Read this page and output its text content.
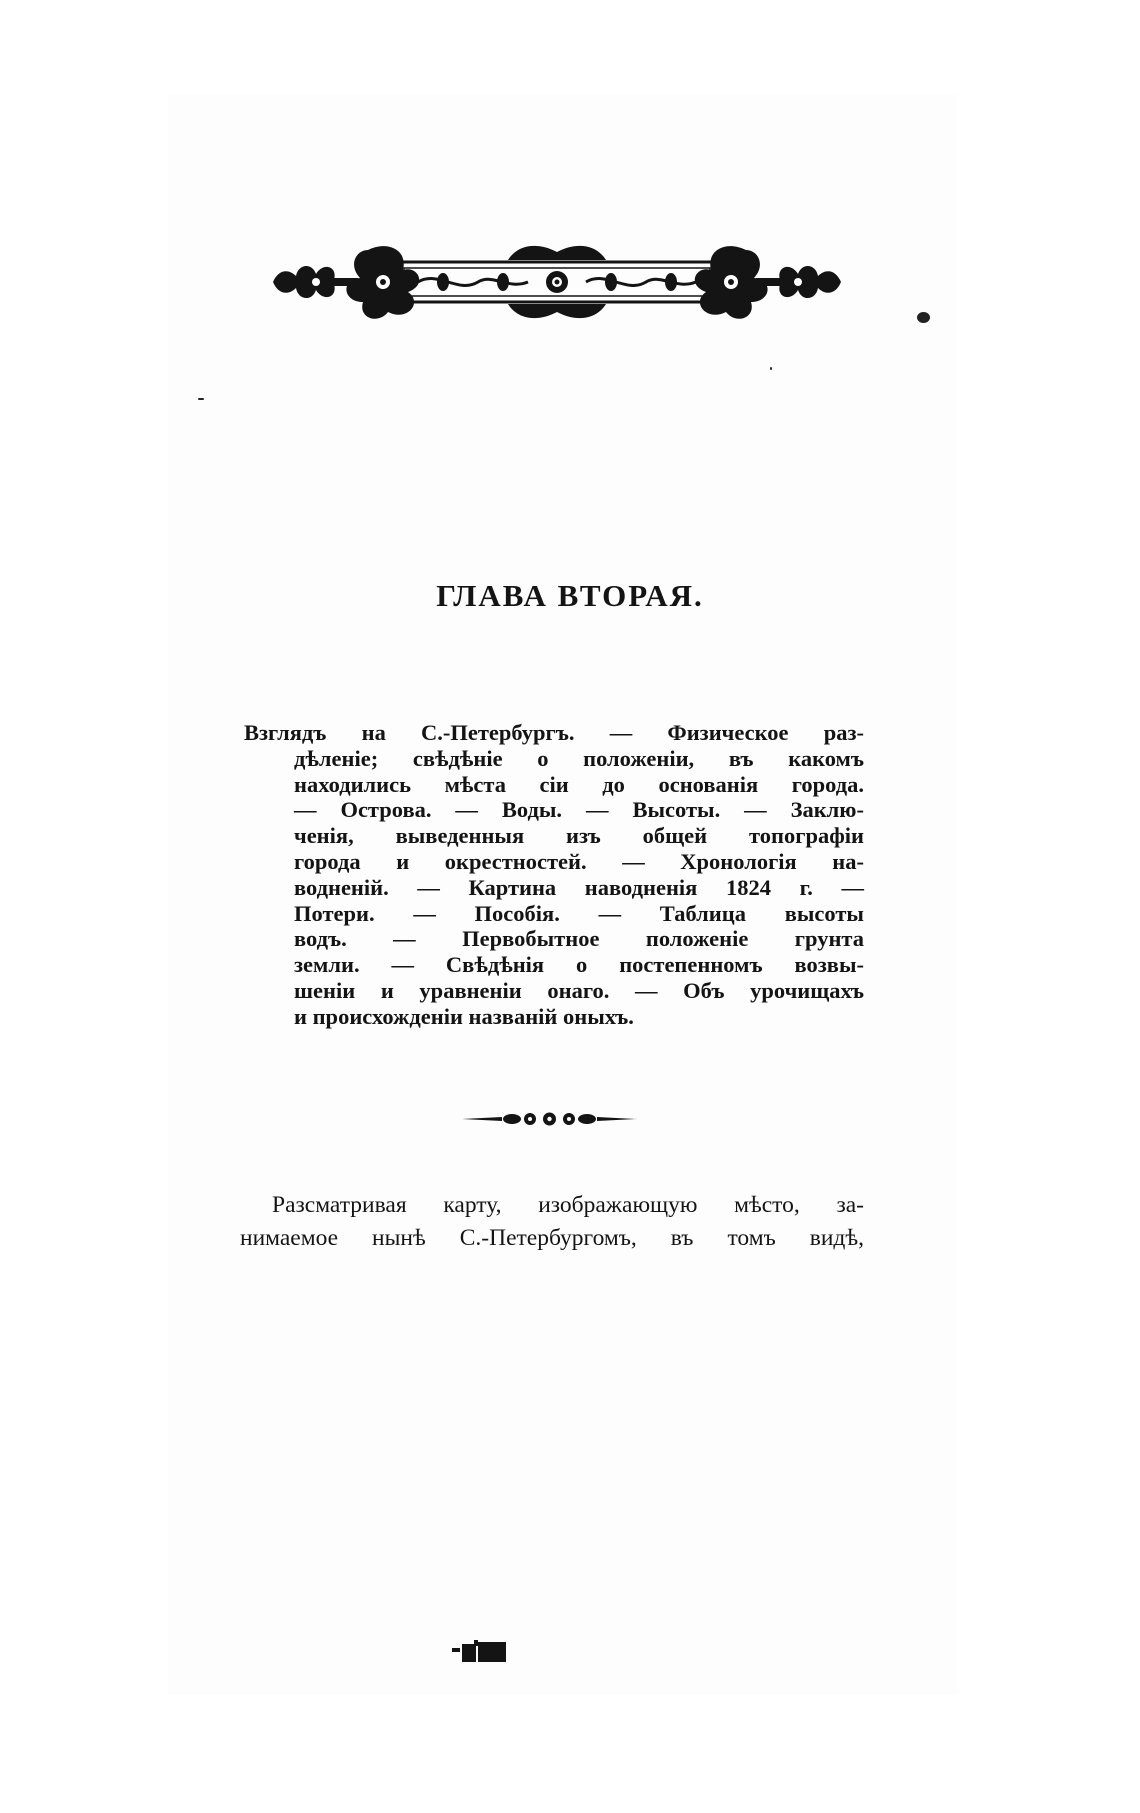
ГЛАВА ВТОРАЯ.
Взглядъ на С.-Петербургъ. — Физическое раз-
дѣленіе; свѣдѣніе о положеніи, въ какомъ
находились мѣста сіи до основанія города.
— Острова. — Воды. — Высоты. — Заклю-
ченія, выведенныя изъ общей топографіи
города и окрестностей. — Хронологія на-
водненій. — Картина наводненія 1824 г. —
Потери. — Пособія. — Таблица высоты
водъ. — Первобытное положеніе грунта
земли. — Свѣдѣнія о постепенномъ возвы-
шеніи и уравненіи онаго. — Объ урочищахъ
и происхожденіи названій оныхъ.
Разсматривая карту, изображающую мѣсто, за-
нимаемое нынѣ С.-Петербургомъ, въ томъ видѣ,
